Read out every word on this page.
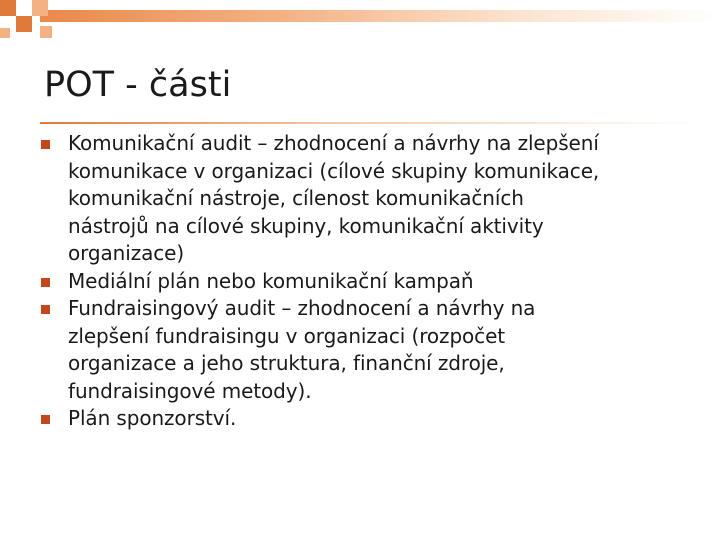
POT - části
Komunikační audit – zhodnocení a návrhy na zlepšení
komunikace v organizaci (cílové skupiny komunikace,
komunikační nástroje, cílenost komunikačních
nástrojů na cílové skupiny, komunikační aktivity
organizace)
Mediální plán nebo komunikační kampaň
Fundraisingový audit – zhodnocení a návrhy na
zlepšení fundraisingu v organizaci (rozpočet
organizace a jeho struktura, finanční zdroje,
fundraisingové metody).
Plán sponzorství.
